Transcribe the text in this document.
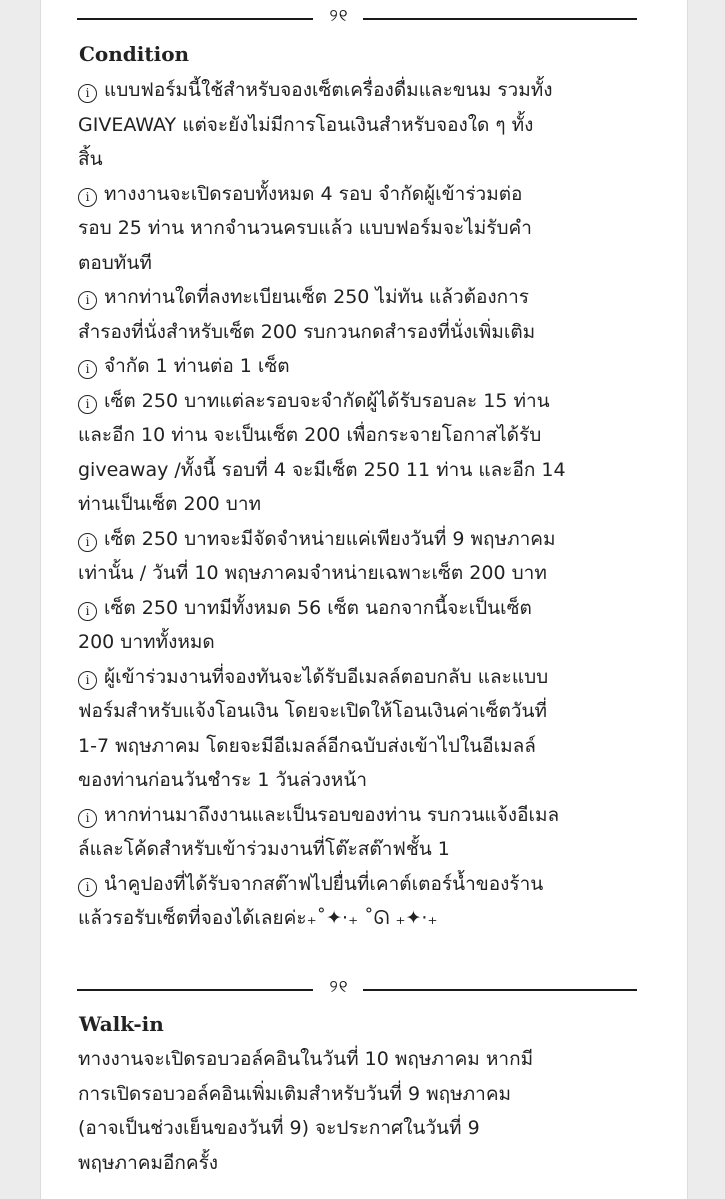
୨୧
Condition
i แบบฟอร์มนี้ใช้สำหรับจองเซ็ตเครื่องดื่มและขนม รวมทั้ง
GIVEAWAY แต่จะยังไม่มีการโอนเงินสำหรับจองใด ๆ ทั้ง
สิ้น
i ทางงานจะเปิดรอบทั้งหมด 4 รอบ จำกัดผู้เข้าร่วมต่อ
รอบ 25 ท่าน หากจำนวนครบแล้ว แบบฟอร์มจะไม่รับคำ
ตอบทันที
i หากท่านใดที่ลงทะเบียนเซ็ต 250 ไม่ทัน แล้วต้องการ
สำรองที่นั่งสำหรับเซ็ต 200 รบกวนกดสำรองที่นั่งเพิ่มเติม
i จำกัด 1 ท่านต่อ 1 เซ็ต
i เซ็ต 250 บาทแต่ละรอบจะจำกัดผู้ได้รับรอบละ 15 ท่าน
และอีก 10 ท่าน จะเป็นเซ็ต 200 เพื่อกระจายโอกาสได้รับ
giveaway /ทั้งนี้ รอบที่ 4 จะมีเซ็ต 250 11 ท่าน และอีก 14
ท่านเป็นเซ็ต 200 บาท
i เซ็ต 250 บาทจะมีจัดจำหน่ายแค่เพียงวันที่ 9 พฤษภาคม
เท่านั้น / วันที่ 10 พฤษภาคมจำหน่ายเฉพาะเซ็ต 200 บาท
i เซ็ต 250 บาทมีทั้งหมด 56 เซ็ต นอกจากนี้จะเป็นเซ็ต
200 บาททั้งหมด
i ผู้เข้าร่วมงานที่จองทันจะได้รับอีเมลล์ตอบกลับ และแบบ
ฟอร์มสำหรับแจ้งโอนเงิน โดยจะเปิดให้โอนเงินค่าเซ็ตวันที่
1-7 พฤษภาคม โดยจะมีอีเมลล์อีกฉบับส่งเข้าไปในอีเมลล์
ของท่านก่อนวันชำระ 1 วันล่วงหน้า
i หากท่านมาถึงงานและเป็นรอบของท่าน รบกวนแจ้งอีเมล
ล์และโค้ดสำหรับเข้าร่วมงานที่โต๊ะสต๊าฟชั้น 1
i นำคูปองที่ได้รับจากสต๊าฟไปยื่นที่เคาต์เตอร์น้ำของร้าน
แล้วรอรับเซ็ตที่จองได้เลยค่ะ₊˚✦‧₊ ˚ᘏ ₊✦‧₊
୨୧
Walk-in
ทางงานจะเปิดรอบวอล์คอินในวันที่ 10 พฤษภาคม หากมี
การเปิดรอบวอล์คอินเพิ่มเติมสำหรับวันที่ 9 พฤษภาคม
(อาจเป็นช่วงเย็นของวันที่ 9) จะประกาศในวันที่ 9
พฤษภาคมอีกครั้ง
